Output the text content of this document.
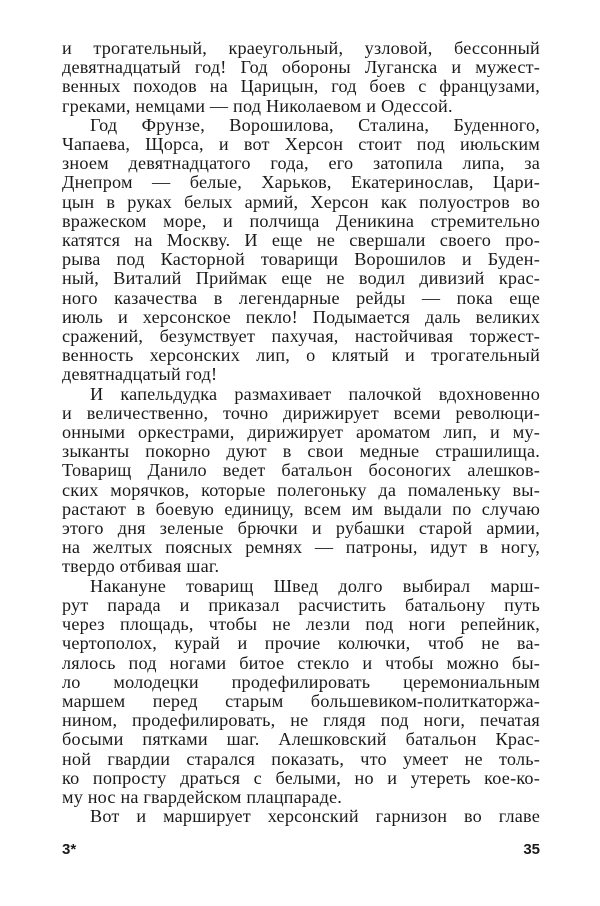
и трогательный, краеугольный, узловой, бессонный
девятнадцатый год! Год обороны Луганска и мужест-
венных походов на Царицын, год боев с французами,
греками, немцами — под Николаевом и Одессой.
Год Фрунзе, Ворошилова, Сталина, Буденного,
Чапаева, Щорса, и вот Херсон стоит под июльским
зноем девятнадцатого года, его затопила липа, за
Днепром — белые, Харьков, Екатеринослав, Цари-
цын в руках белых армий, Херсон как полуостров во
вражеском море, и полчища Деникина стремительно
катятся на Москву. И еще не свершали своего про-
рыва под Касторной товарищи Ворошилов и Буден-
ный, Виталий Приймак еще не водил дивизий крас-
ного казачества в легендарные рейды — пока еще
июль и херсонское пекло! Подымается даль великих
сражений, безумствует пахучая, настойчивая торжест-
венность херсонских лип, о клятый и трогательный
девятнадцатый год!
И капельдудка размахивает палочкой вдохновенно
и величественно, точно дирижирует всеми революци-
онными оркестрами, дирижирует ароматом лип, и му-
зыканты покорно дуют в свои медные страшилища.
Товарищ Данило ведет батальон босоногих алешков-
ских морячков, которые полегоньку да помаленьку вы-
растают в боевую единицу, всем им выдали по случаю
этого дня зеленые брючки и рубашки старой армии,
на желтых поясных ремнях — патроны, идут в ногу,
твердо отбивая шаг.
Накануне товарищ Швед долго выбирал марш-
рут парада и приказал расчистить батальону путь
через площадь, чтобы не лезли под ноги репейник,
чертополох, курай и прочие колючки, чтоб не ва-
лялось под ногами битое стекло и чтобы можно бы-
ло молодецки продефилировать церемониальным
маршем перед старым большевиком-политкаторжа-
нином, продефилировать, не глядя под ноги, печатая
босыми пятками шаг. Алешковский батальон Крас-
ной гвардии старался показать, что умеет не толь-
ко попросту драться с белыми, но и утереть кое-ко-
му нос на гвардейском плацпараде.
Вот и марширует херсонский гарнизон во главе
3*	35
